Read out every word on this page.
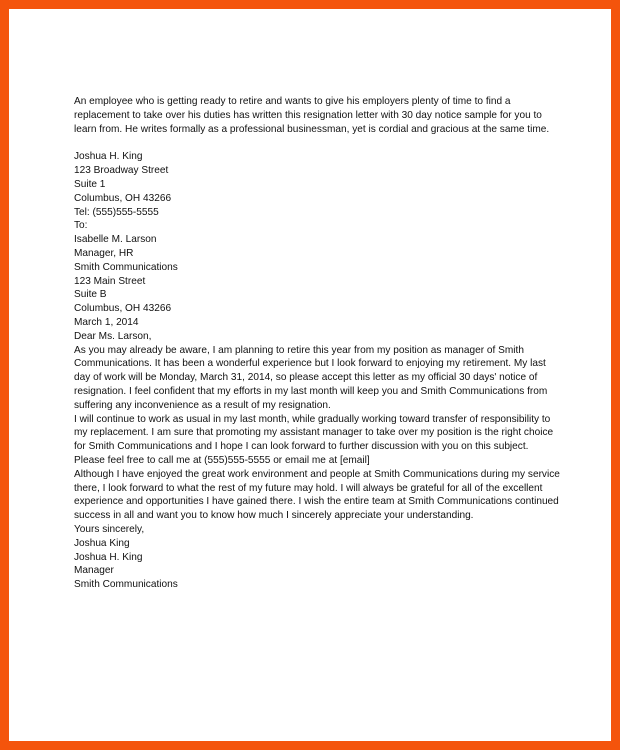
An employee who is getting ready to retire and wants to give his employers plenty of time to find a replacement to take over his duties has written this resignation letter with 30 day notice sample for you to learn from. He writes formally as a professional businessman, yet is cordial and gracious at the same time.

Joshua H. King
123 Broadway Street
Suite 1
Columbus, OH 43266
Tel: (555)555-5555
To:
Isabelle M. Larson
Manager, HR
Smith Communications
123 Main Street
Suite B
Columbus, OH 43266
March 1, 2014
Dear Ms. Larson,

As you may already be aware, I am planning to retire this year from my position as manager of Smith Communications. It has been a wonderful experience but I look forward to enjoying my retirement. My last day of work will be Monday, March 31, 2014, so please accept this letter as my official 30 days' notice of resignation. I feel confident that my efforts in my last month will keep you and Smith Communications from suffering any inconvenience as a result of my resignation.

I will continue to work as usual in my last month, while gradually working toward transfer of responsibility to my replacement. I am sure that promoting my assistant manager to take over my position is the right choice for Smith Communications and I hope I can look forward to further discussion with you on this subject.

Please feel free to call me at (555)555-5555 or email me at [email]

Although I have enjoyed the great work environment and people at Smith Communications during my service there, I look forward to what the rest of my future may hold. I will always be grateful for all of the excellent experience and opportunities I have gained there. I wish the entire team at Smith Communications continued success in all and want you to know how much I sincerely appreciate your understanding.

Yours sincerely,
Joshua King
Joshua H. King
Manager
Smith Communications
